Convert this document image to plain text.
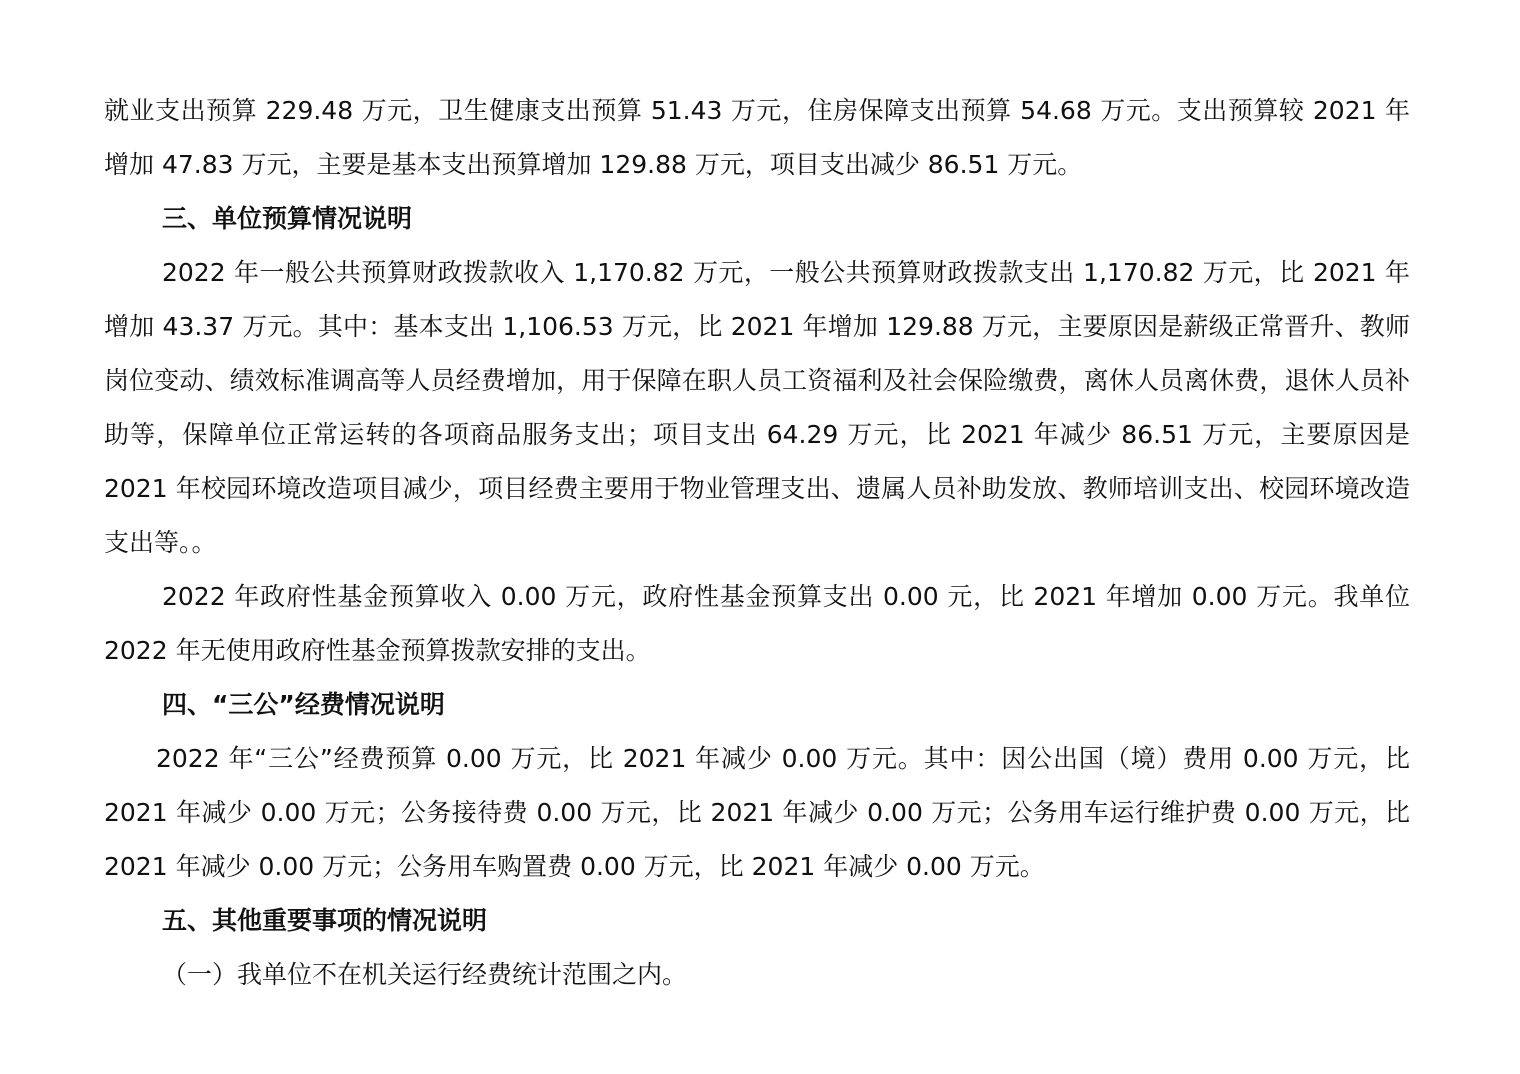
就业支出预算 229.48 万元，卫生健康支出预算 51.43 万元，住房保障支出预算 54.68 万元。支出预算较 2021 年增加 47.83 万元，主要是基本支出预算增加 129.88 万元，项目支出减少 86.51 万元。

三、单位预算情况说明

2022 年一般公共预算财政拨款收入 1,170.82 万元，一般公共预算财政拨款支出 1,170.82 万元，比 2021 年增加 43.37 万元。其中：基本支出 1,106.53 万元，比 2021 年增加 129.88 万元，主要原因是薪级正常晋升、教师岗位变动、绩效标准调高等人员经费增加，用于保障在职人员工资福利及社会保险缴费，离休人员离休费，退休人员补助等，保障单位正常运转的各项商品服务支出；项目支出 64.29 万元，比 2021 年减少 86.51 万元，主要原因是 2021 年校园环境改造项目减少，项目经费主要用于物业管理支出、遗属人员补助发放、教师培训支出、校园环境改造支出等。。

2022 年政府性基金预算收入 0.00 万元，政府性基金预算支出 0.00 元，比 2021 年增加 0.00 万元。我单位 2022 年无使用政府性基金预算拨款安排的支出。

四、“三公”经费情况说明

2022 年“三公”经费预算 0.00 万元，比 2021 年减少 0.00 万元。其中：因公出国（境）费用 0.00 万元，比 2021 年减少 0.00 万元；公务接待费 0.00 万元，比 2021 年减少 0.00 万元；公务用车运行维护费 0.00 万元，比 2021 年减少 0.00 万元；公务用车购置费 0.00 万元，比 2021 年减少 0.00 万元。

五、其他重要事项的情况说明

（一）我单位不在机关运行经费统计范围之内。
